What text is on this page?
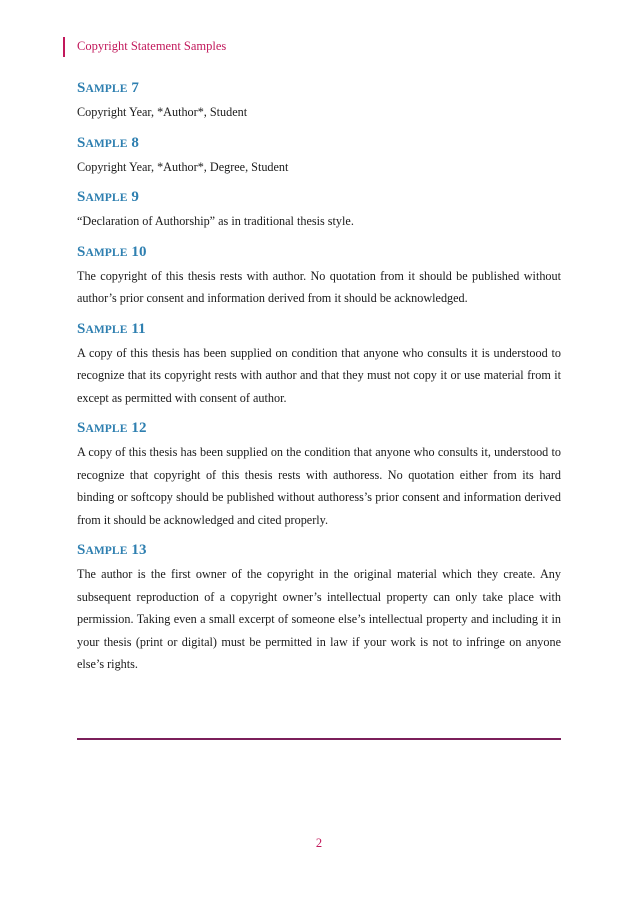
Copyright Statement Samples
SAMPLE 7

Copyright Year, *Author*, Student

SAMPLE 8

Copyright Year, *Author*, Degree, Student

SAMPLE 9

“Declaration of Authorship” as in traditional thesis style.

SAMPLE 10

The copyright of this thesis rests with author. No quotation from it should be published without author’s prior consent and information derived from it should be acknowledged.

SAMPLE 11

A copy of this thesis has been supplied on condition that anyone who consults it is understood to recognize that its copyright rests with author and that they must not copy it or use material from it except as permitted with consent of author.

SAMPLE 12

A copy of this thesis has been supplied on the condition that anyone who consults it, understood to recognize that copyright of this thesis rests with authoress. No quotation either from its hard binding or softcopy should be published without authoress’s prior consent and information derived from it should be acknowledged and cited properly.

SAMPLE 13

The author is the first owner of the copyright in the original material which they create. Any subsequent reproduction of a copyright owner’s intellectual property can only take place with permission. Taking even a small excerpt of someone else’s intellectual property and including it in your thesis (print or digital) must be permitted in law if your work is not to infringe on anyone else’s rights.

2
